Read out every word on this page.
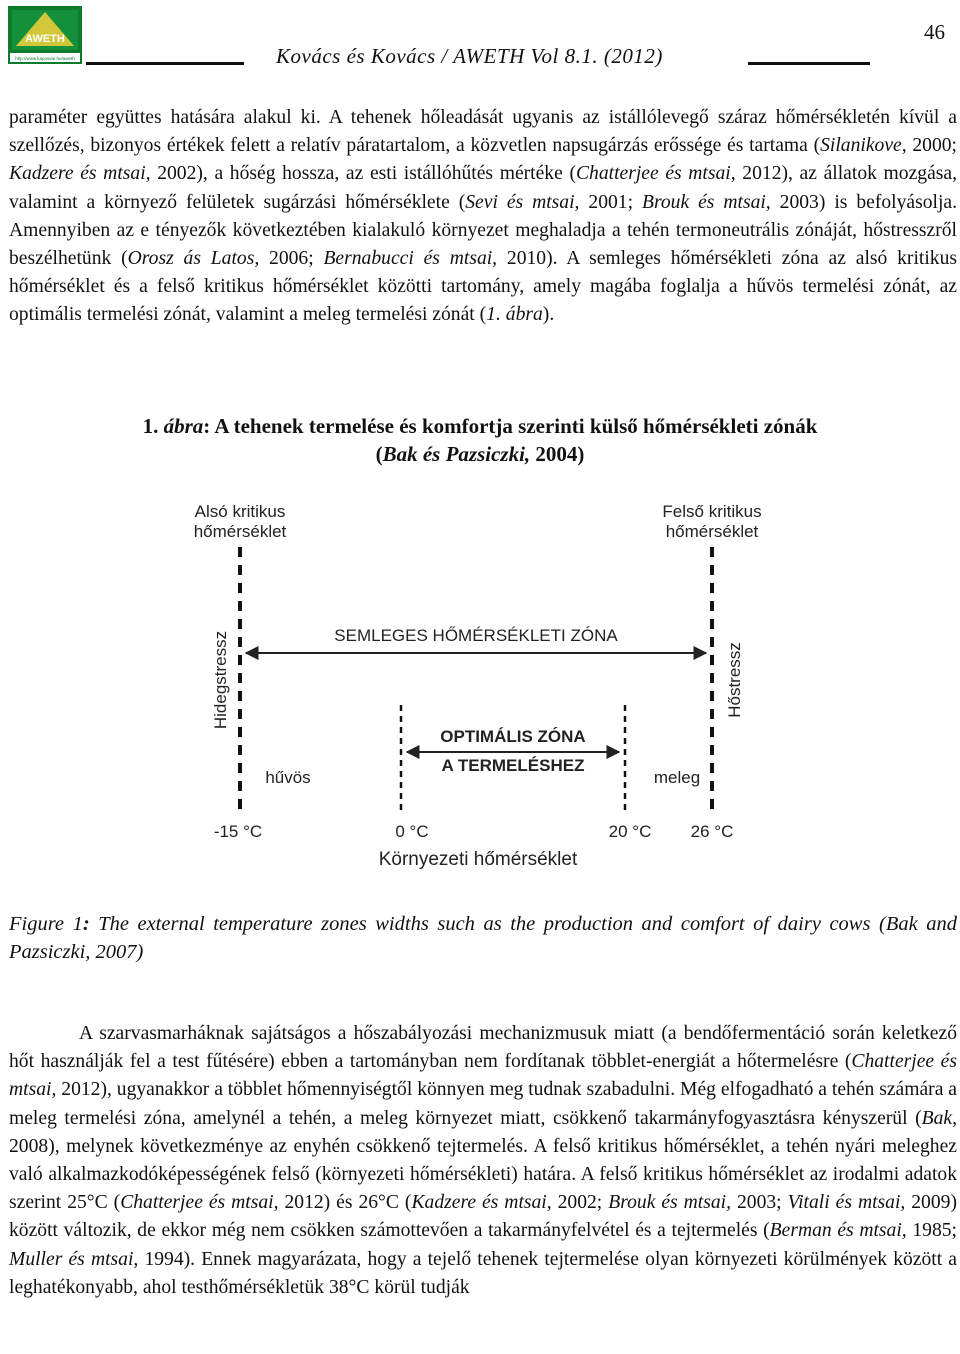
AWETH
http://www.kaposvar.hu/aweth	Kovács és Kovács / AWETH Vol 8.1. (2012)
46
paraméter együttes hatására alakul ki. A tehenek hőleadását ugyanis az istállólevegő száraz hőmérsékletén kívül a szellőzés, bizonyos értékek felett a relatív páratartalom, a közvetlen napsugárzás erőssége és tartama (Silanikove, 2000; Kadzere és mtsai, 2002), a hőség hossza, az esti istállóhűtés mértéke (Chatterjee és mtsai, 2012), az állatok mozgása, valamint a környező felületek sugárzási hőmérséklete (Sevi és mtsai, 2001; Brouk és mtsai, 2003) is befolyásolja. Amennyiben az e tényezők következtében kialakuló környezet meghaladja a tehén termoneutrális zónáját, hőstresszről beszélhetünk (Orosz ás Latos, 2006; Bernabucci és mtsai, 2010). A semleges hőmérsékleti zóna az alsó kritikus hőmérséklet és a felső kritikus hőmérséklet közötti tartomány, amely magába foglalja a hűvös termelési zónát, az optimális termelési zónát, valamint a meleg termelési zónát (1. ábra).
1. ábra: A tehenek termelése és komfortja szerinti külső hőmérsékleti zónák
(Bak és Pazsiczki, 2004)
Alsó kritikus
hőmérséklet
Felső kritikus
hőmérséklet
SEMLEGES HŐMÉRSÉKLETI ZÓNA
OPTIMÁLIS ZÓNA
A TERMELÉSHEZ
Hidegstressz	Hőstressz
hűvös	meleg
-15 °C	0 °C	20 °C 26 °C
Környezeti hőmérséklet
Figure 1: The external temperature zones widths such as the production and comfort of dairy cows (Bak and Pazsiczki, 2007)
A szarvasmarháknak sajátságos a hőszabályozási mechanizmusuk miatt (a bendőfermentáció során keletkező hőt használják fel a test fűtésére) ebben a tartományban nem fordítanak többlet-energiát a hőtermelésre (Chatterjee és mtsai, 2012), ugyanakkor a többlet hőmennyiségtől könnyen meg tudnak szabadulni. Még elfogadható a tehén számára a meleg termelési zóna, amelynél a tehén, a meleg környezet miatt, csökkenő takarmányfogyasztásra kényszerül (Bak, 2008), melynek következménye az enyhén csökkenő tejtermelés. A felső kritikus hőmérséklet, a tehén nyári meleghez való alkalmazkodóképességének felső (környezeti hőmérsékleti) határa. A felső kritikus hőmérséklet az irodalmi adatok szerint 25°C (Chatterjee és mtsai, 2012) és 26°C (Kadzere és mtsai, 2002; Brouk és mtsai, 2003; Vitali és mtsai, 2009) között változik, de ekkor még nem csökken számottevően a takarmányfelvétel és a tejtermelés (Berman és mtsai, 1985; Muller és mtsai, 1994). Ennek magyarázata, hogy a tejelő tehenek tejtermelése olyan környezeti körülmények között a leghatékonyabb, ahol testhőmérsékletük 38°C körül tudják
